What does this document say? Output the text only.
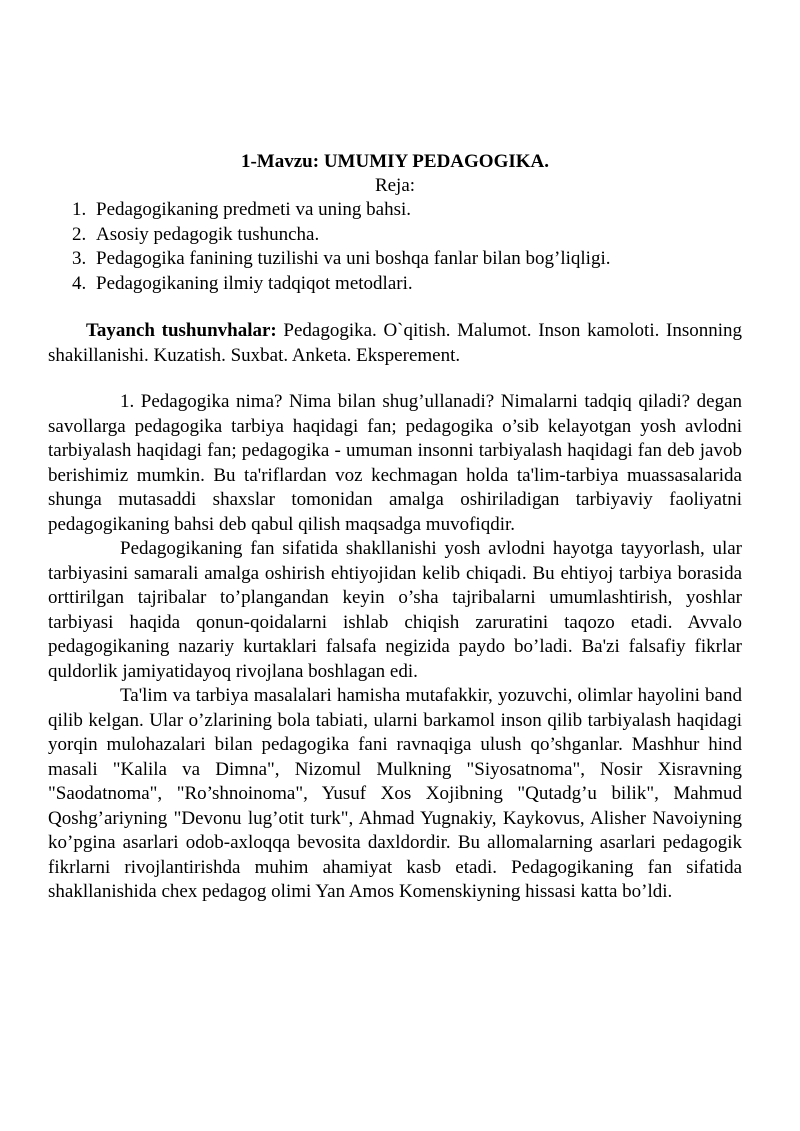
1-Mavzu: UMUMIY PEDAGOGIKA.
Reja:
1. Pedagogikaning predmeti va uning bahsi.
2. Asosiy pedagogik tushuncha.
3. Pedagogika fanining tuzilishi va uni boshqa fanlar bilan bog’liqligi.
4. Pedagogikaning ilmiy tadqiqot metodlari.

Tayanch tushunvhalar: Pedagogika. O`qitish. Malumot. Inson kamoloti. Insonning shakillanishi. Kuzatish. Suxbat. Anketa. Eksperement.

1. Pedagogika nima? Nima bilan shug’ullanadi? Nimalarni tadqiq qiladi? degan savollarga pedagogika tarbiya haqidagi fan; pedagogika o’sib kelayotgan yosh avlodni tarbiyalash haqidagi fan; pedagogika - umuman insonni tarbiyalash haqidagi fan deb javob berishimiz mumkin. Bu ta'riflardan voz kechmagan holda ta'lim-tarbiya muassasalarida shunga mutasaddi shaxslar tomonidan amalga oshiriladigan tarbiyaviy faoliyatni pedagogikaning bahsi deb qabul qilish maqsadga muvofiqdir.

Pedagogikaning fan sifatida shakllanishi yosh avlodni hayotga tayyorlash, ular tarbiyasini samarali amalga oshirish ehtiyojidan kelib chiqadi. Bu ehtiyoj tarbiya borasida orttirilgan tajribalar to’plangandan keyin o’sha tajribalarni umumlashtirish, yoshlar tarbiyasi haqida qonun-qoidalarni ishlab chiqish zaruratini taqozo etadi. Avvalo pedagogikaning nazariy kurtaklari falsafa negizida paydo bo’ladi. Ba'zi falsafiy fikrlar quldorlik jamiyatidayoq rivojlana boshlagan edi.

Ta'lim va tarbiya masalalari hamisha mutafakkir, yozuvchi, olimlar hayolini band qilib kelgan. Ular o’zlarining bola tabiati, ularni barkamol inson qilib tarbiyalash haqidagi yorqin mulohazalari bilan pedagogika fani ravnaqiga ulush qo’shganlar. Mashhur hind masali "Kalila va Dimna", Nizomul Mulkning "Siyosatnoma", Nosir Xisravning "Saodatnoma", "Ro’shnoinoma", Yusuf Xos Xojibning "Qutadg’u bilik", Mahmud Qoshg’ariyning "Devonu lug’otit turk", Ahmad Yugnakiy, Kaykovus, Alisher Navoiyning ko’pgina asarlari odob-axloqqa bevosita daxldordir. Bu allomalarning asarlari pedagogik fikrlarni rivojlantirishda muhim ahamiyat kasb etadi. Pedagogikaning fan sifatida shakllanishida chex pedagog olimi Yan Amos Komenskiyning hissasi katta bo’ldi.
